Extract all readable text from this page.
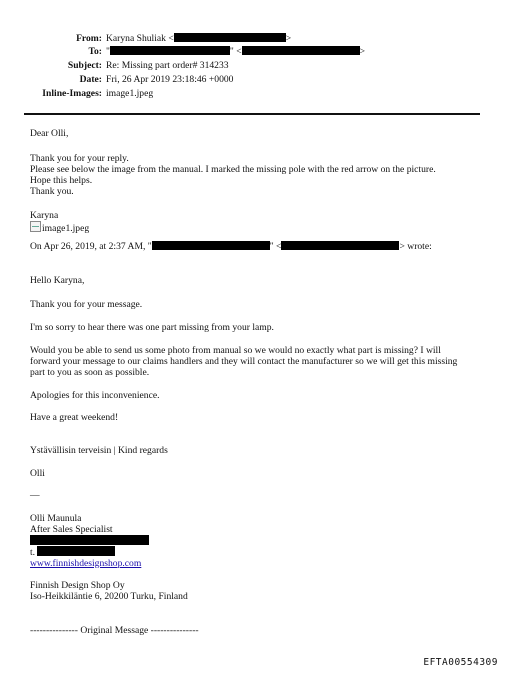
From: Karyna Shuliak <	>
To: "	" <	>
Subject: Re: Missing part order# 314233
Date: Fri, 26 Apr 2019 23:18:46 +0000
Inline-Images: image1.jpeg
Dear Olli,
Thank you for your reply.
Please see below the image from the manual. I marked the missing pole with the red arrow on the picture.
Hope this helps.
Thank you.
Karyna
image1.jpeg
On Apr 26, 2019, at 2:37 AM, "	" <	> wrote:
Hello Karyna,
Thank you for your message.
I'm so sorry to hear there was one part missing from your lamp.
Would you be able to send us some photo from manual so we would no exactly what part is missing? I will
forward your message to our claims handlers and they will contact the manufacturer so we will get this missing
part to you as soon as possible.
Apologies for this inconvenience.
Have a great weekend!
Ystävällisin terveisin | Kind regards
Olli
—
Olli Maunula
After Sales Specialist
t.
www.finnishdesignshop.com
Finnish Design Shop Oy
Iso-Heikkiläntie 6, 20200 Turku, Finland
--------------- Original Message ---------------
EFTA00554309
